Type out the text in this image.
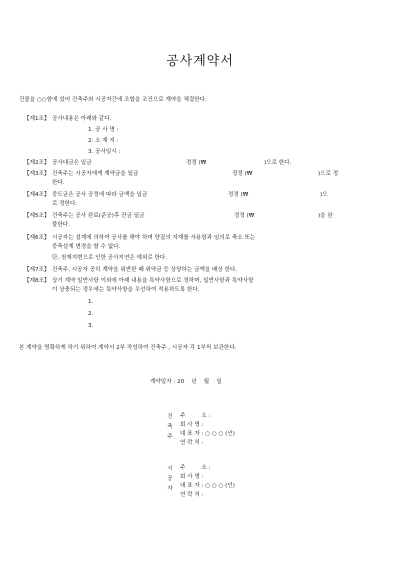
공사계약서
건물을 ○○함에 있어 건축주와 시공자간에 조합을 조건으로 계약을 체결한다.
【제1조】 공사내용은 아래와 같다.
1. 공 사 명 :
2. 소 재 지 :
3. 공사일시 :
【제2조】 공사대금은 일금	정정 (₩	)으로 한다.
【제3조】 건축주는 시공자에게 계약금을 일금	정정 (₩	)으로 정
한다.
【제4조】 중도금은 공사 공정에 따라 금액을 일금	정정 (₩	)으
로 정한다.
【제5조】 건축주는 공사 완료(준공)후 잔금 일금	정정 (₩	)을 완
불한다.
【제6조】 시공자는 설계에 의하여 공사를 해야 하며 양질의 자재를 사용함과 임의로 축소 또는
중축설계 변경을 할 수 없다.
단, 천재지변으로 인한 공사지연은 예외로 한다.
【제7조】 건축주, 시공자 공히 계약을 위반한 때 위약금 등 상당하는 금액을 배상 한다.
【제8조】 상기 계약 일반사항 이외에 아래 내용을 특약사항으로 정하며, 일반사항과 특약사항
이 상충되는 경우에는 특약사항을 우선하여 적용하도록 한다.
1.
2.
3.
본 계약을 명확하게 하기 위하여 계약서 2부 작성하여 건축주 , 시공자 각 1부씩 보관한다.
계약일자 : 20    년    월    일
건축주
주         소 :
회 사 명 :
대 표 자 : ○ ○ ○ (인)
연 락 처 :
시공자
주         소 :
회 사 명 :
대 표 자 : ○ ○ ○ (인)
연 락 처 :
